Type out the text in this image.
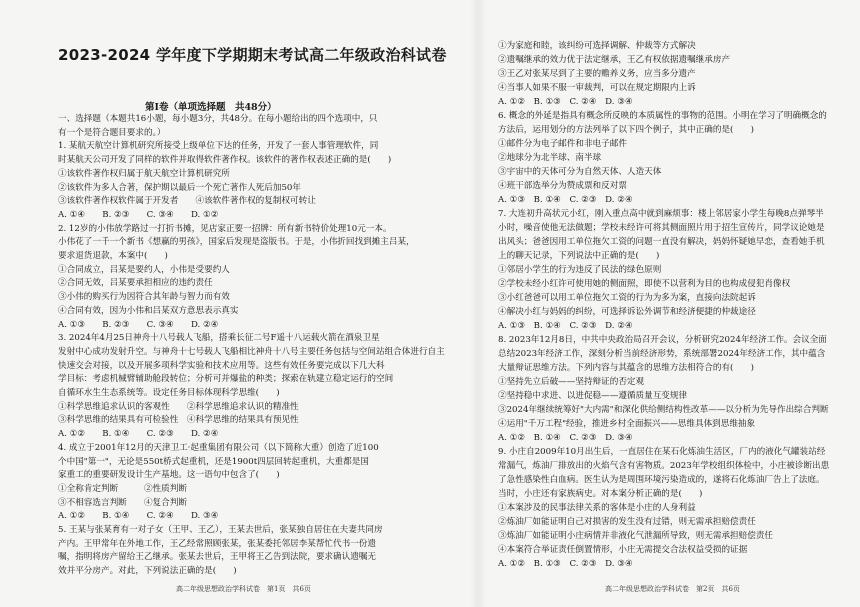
2023-2024 学年度下学期期末考试高二年级政治科试卷
第Ⅰ卷（单项选择题　共48分）
一、选择题（本题共16小题，每小题3分，共48分。在每小题给出的四个选项中，只
有一个是符合题目要求的。）
1. 某航天航空计算机研究所接受上级单位下达的任务，开发了一套人事管理软件，同
时某航天公司开发了同样的软件并取得软件著作权。该软件的著作权表述正确的是(　　)
①该软件著作权归属于航天航空计算机研究所
②该软件为多人合著，保护期以最后一个死亡著作人死后加50年
③该软件著作权软件属于开发者　　④该软件著作权的复制权可转让
A. ①④　　B. ②③　　C. ③④　　D. ①②
2. 12岁的小伟放学路过一打折书摊，见店家正要一招牌：所有新书特价处理10元一本。
小伟花了一千一个新书《想赢的男孩》，国家后发现是盗版书。于是，小伟折回找到摊主吕某，
要求退货退款，本案中(　　)
①合同成立，吕某是要约人，小伟是受要约人
②合同无效，吕某要承担相应的违约责任
③小伟的购买行为因符合其年龄与智力而有效
④合同有效，因为小伟和吕某双方意思表示真实
A. ①③　　B. ②③　　C. ③④　　D. ②④
3. 2024年4月25日神舟十八号载人飞船，搭乘长征二号F遥十八运载火箭在酒泉卫星
发射中心成功发射升空。与神舟十七号载人飞船相比神舟十八号主要任务包括与空间站组合体进行自主
快速交会对接，以及开展多项科学实验和技术应用等。这些有效任务要完成以下几大科
学目标：考虑机械臂辅助舱段转位；分析可并爆盐的种类；探索在轨建立稳定运行的空间
自循环水生生态系统等。设定任务目标体现科学思维(　　)
①科学思维追求认识的客观性　　②科学思维追求认识的精准性
③科学思维的结果具有可检验性　④科学思维的结果具有预见性
A. ①②　　B. ①④　　C. ②③　　D. ②④
4. 成立于2001年12月的天津卫工·起重集团有限公司（以下简称大重）创造了近100
个中国"第一"，无论是550t桥式起重机，还是1900t四层回转起重机，大重都是国
家重工的重要研发设计生产基地。这一语句中包含了(　　)
①全称肯定判断　　　②性质判断
③不相容选言判断　　④复合判断
A. ①②　　B. ①④　　C. ②④　　D. ③④
5. 王某与张某育有一对子女（王甲、王乙），王某去世后，张某独自居住在夫妻共同房
产内。王甲常年在外地工作，王乙经常照顾张某，张某委托邻居李某帮忙代书一份遗
嘱，指明将房产留给王乙继承。张某去世后，王甲将王乙告到法院，要求确认遗嘱无
效并平分房产。对此，下列说法正确的是(　　)
①为家庭和睦，该纠纷可选择调解、仲裁等方式解决
②遗嘱继承的效力优于法定继承，王乙有权依据遗嘱继承房产
③王乙对张某尽到了主要的赡养义务，应当多分遗产
④当事人如果不服一审裁判，可以在规定期限内上诉
A. ①②　B. ①③　C. ②④　D. ③④
6. 概念的外延是指具有概念所反映的本质属性的事物的范围。小明在学习了明确概念的
方法后，运用划分的方法列举了以下四个例子，其中正确的是(　　)
①邮件分为电子邮件和非电子邮件
②地球分为北半球、南半球
③宇宙中的天体可分为自然天体、人造天体
④班干部选举分为赞成票和反对票
A. ①③　B. ①④　C. ②③　D. ②④
7. 大连初升高状元小红，刚入重点高中就到麻烦事：楼上邻居家小学生每晚8点弹琴半
小时，噪音使他无法做题；学校未经许可将其侧面照片用于招生宣传片，同学议论她是
出风头；爸爸因用工单位拖欠工资的问题一直没有解决，妈妈怀疑她早恋，查看她手机
上的聊天记录，下列说法中正确的是(　　)
①邻居小学生的行为违反了民法的绿色原则
②学校未经小红许可使用她的侧面照，即使不以营利为目的也构成侵犯肖像权
③小红爸爸可以用工单位拖欠工资的行为为多为案，直接向法院起诉
④解决小红与妈妈的纠纷，可选择诉讼外调节和经济便捷的仲裁途径
A. ①③　B. ①④　C. ②③　D. ②④
8. 2023年12月8日，中共中央政治局召开会议，分析研究2024年经济工作。会议全面
总结2023年经济工作，深刻分析当前经济形势，系统部署2024年经济工作，其中蕴含
大量辩证思维方法。下列内容与其蕴含的思维方法相符合的有(　　)
①坚持先立后破——坚持辩证的否定观
②坚持稳中求进、以进促稳——遵循质量互变规律
③2024年继续统筹好"大内需"和深化供给侧结构性改革——以分析为先导作出综合判断
④运用"千万工程"经验，推进乡村全面振兴——思维具体到思维抽象
A. ①②　B. ①④　C. ②③　D. ③④
9. 小庄自2009年10月出生后，一直居住在某石化炼油生活区，厂内的液化气罐装站经
常漏气，炼油厂排放出的火焰气含有害物质。2023年学校组织体检中，小庄被诊断出患
了急性感染性白血病。医生认为是周围环境污染造成的，遂将石化炼油厂告上了法庭。
当时，小庄还有家族病史。对本案分析正确的是(　　)
①本案涉及的民事法律关系的客体是小庄的人身利益
②炼油厂如能证明自己对损害的发生没有过错，则无需承担赔偿责任
③炼油厂如能证明小庄病情并非液化气泄漏所导致，则无需承担赔偿责任
④本案符合举证责任倒置情形，小庄无需提交合法权益受损的证据
A. ①②　B. ①③　C. ②③　D. ③④
高二年级思想政治学科试卷　第1页　共6页	高二年级思想政治学科试卷　第2页　共6页
